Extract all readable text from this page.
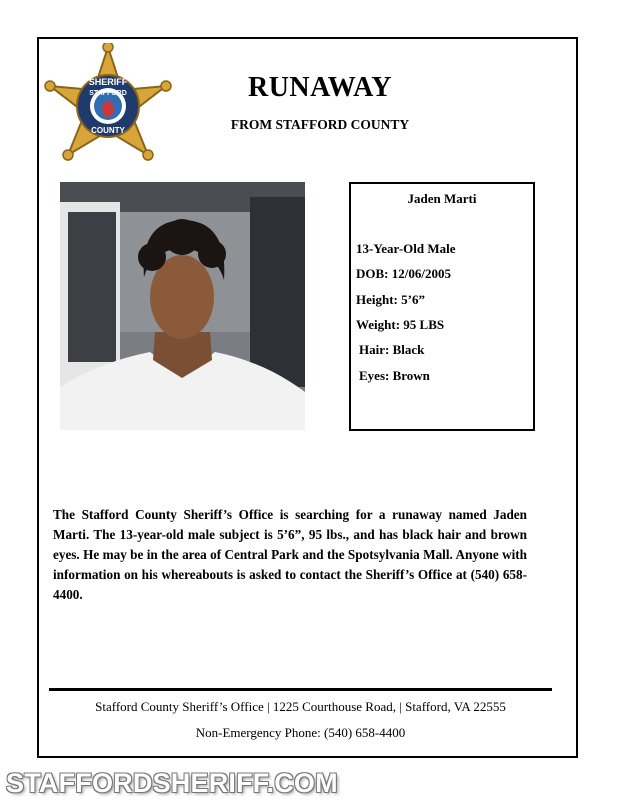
SHERIFF
STAFFORD
COUNTY
RUNAWAY
FROM STAFFORD COUNTY
Jaden Marti
13-Year-Old Male
DOB: 12/06/2005
Height: 5’6”
Weight: 95 LBS
Hair: Black
Eyes: Brown
The Stafford County Sheriff’s Office is searching for a runaway named Jaden Marti. The 13-year-old male subject is 5’6”, 95 lbs., and has black hair and brown eyes. He may be in the area of Central Park and the Spotsylvania Mall. Anyone with information on his whereabouts is asked to contact the Sheriff’s Office at (540) 658-4400.
Stafford County Sheriff’s Office | 1225 Courthouse Road, | Stafford, VA 22555
Non-Emergency Phone: (540) 658-4400
STAFFORDSHERIFF.COM
